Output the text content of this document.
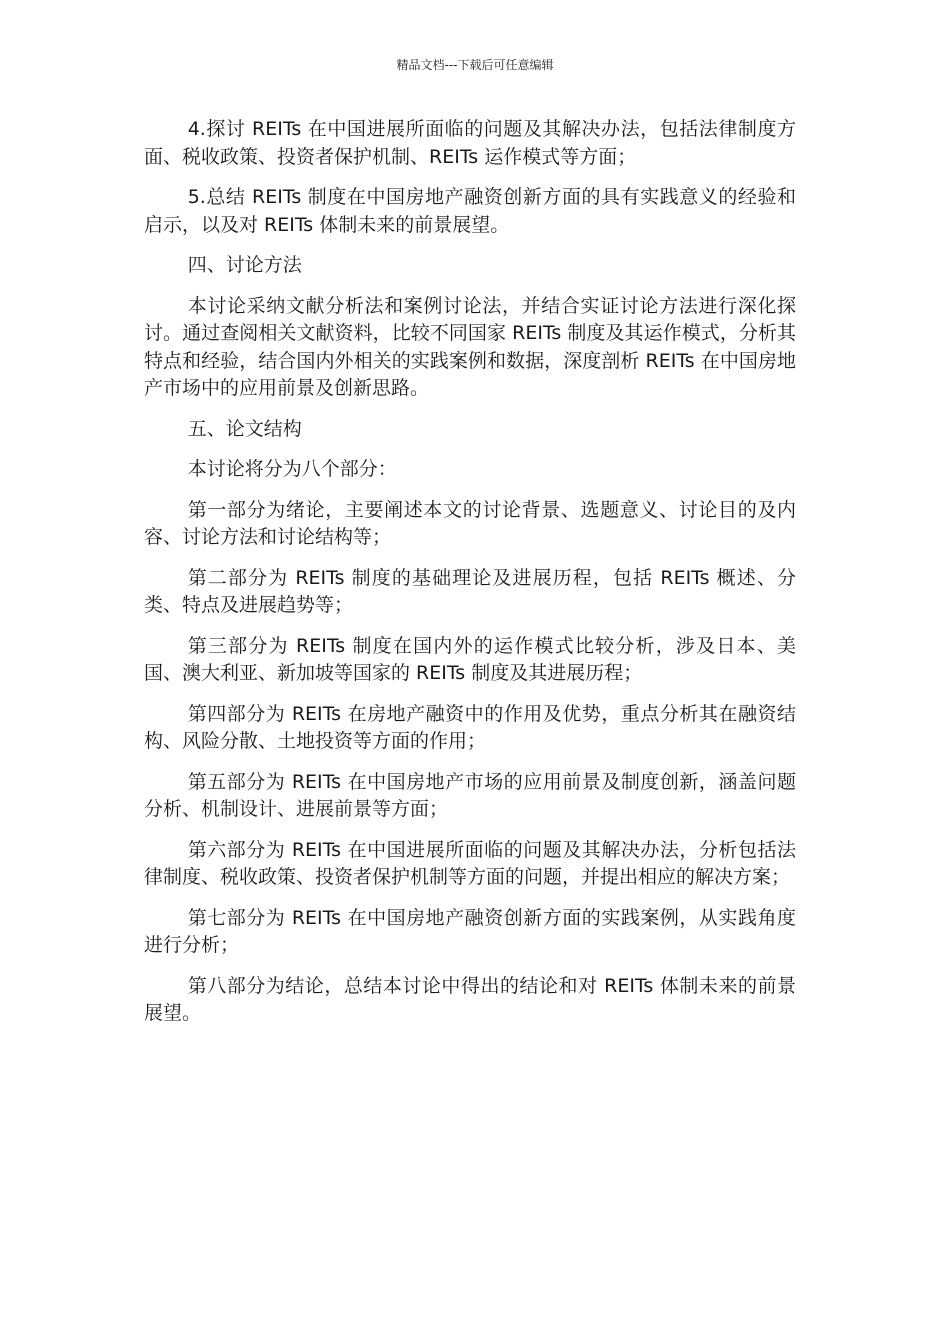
精品文档---下载后可任意编辑

4.探讨 REITs 在中国进展所面临的问题及其解决办法，包括法律制度方面、税收政策、投资者保护机制、REITs 运作模式等方面；

5.总结 REITs 制度在中国房地产融资创新方面的具有实践意义的经验和启示，以及对 REITs 体制未来的前景展望。

四、讨论方法

本讨论采纳文献分析法和案例讨论法，并结合实证讨论方法进行深化探讨。通过查阅相关文献资料，比较不同国家 REITs 制度及其运作模式，分析其特点和经验，结合国内外相关的实践案例和数据，深度剖析 REITs 在中国房地产市场中的应用前景及创新思路。

五、论文结构

本讨论将分为八个部分：

第一部分为绪论，主要阐述本文的讨论背景、选题意义、讨论目的及内容、讨论方法和讨论结构等；

第二部分为 REITs 制度的基础理论及进展历程，包括 REITs 概述、分类、特点及进展趋势等；

第三部分为 REITs 制度在国内外的运作模式比较分析，涉及日本、美国、澳大利亚、新加坡等国家的 REITs 制度及其进展历程；

第四部分为 REITs 在房地产融资中的作用及优势，重点分析其在融资结构、风险分散、土地投资等方面的作用；

第五部分为 REITs 在中国房地产市场的应用前景及制度创新，涵盖问题分析、机制设计、进展前景等方面；

第六部分为 REITs 在中国进展所面临的问题及其解决办法，分析包括法律制度、税收政策、投资者保护机制等方面的问题，并提出相应的解决方案；

第七部分为 REITs 在中国房地产融资创新方面的实践案例，从实践角度进行分析；

第八部分为结论，总结本讨论中得出的结论和对 REITs 体制未来的前景展望。
